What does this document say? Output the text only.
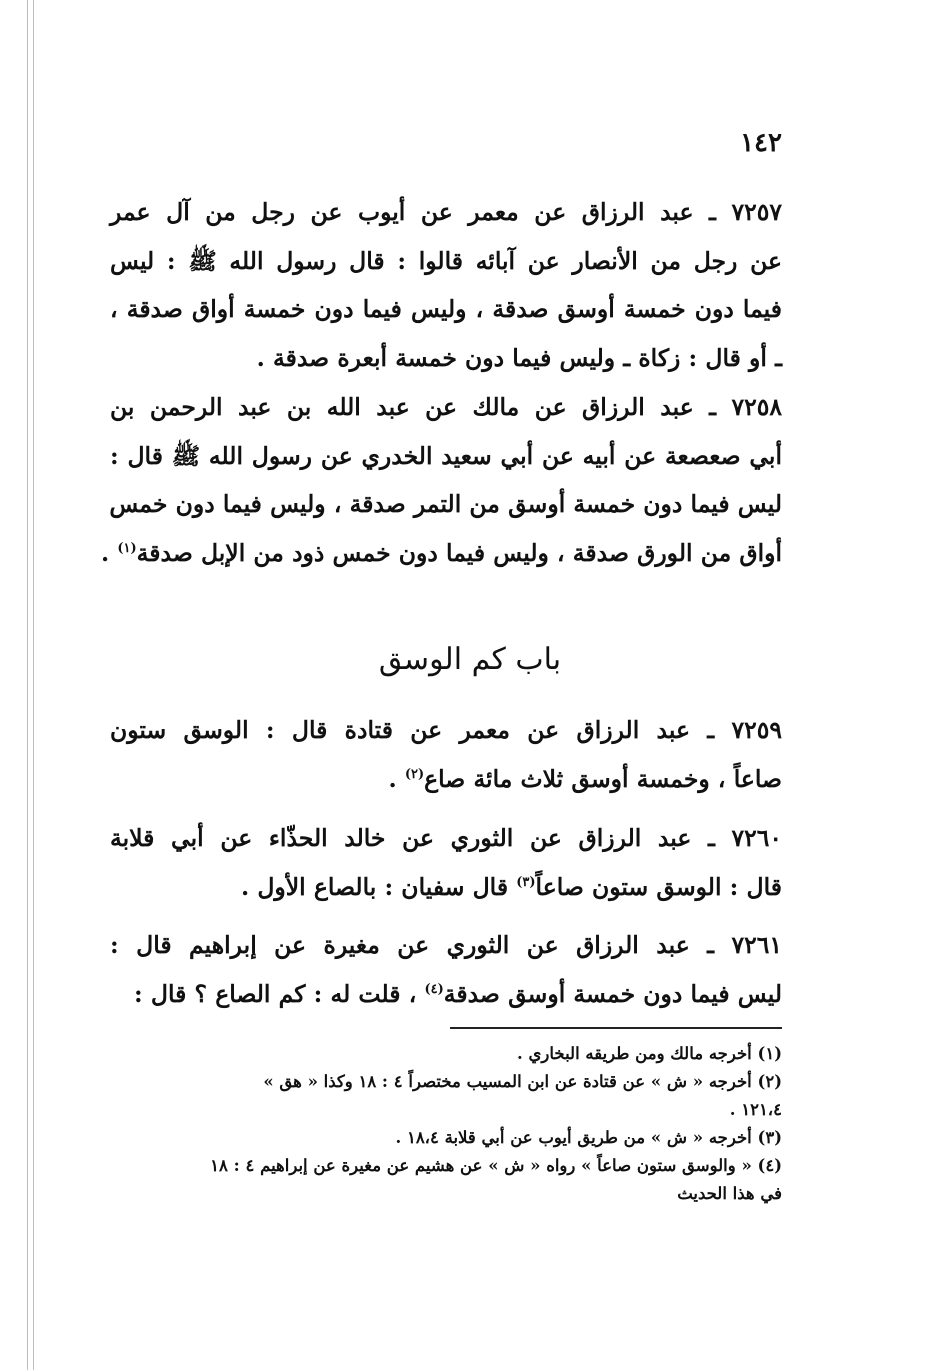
١٤٢
٧٢٥٧ ـ عبد الرزاق عن معمر عن أيوب عن رجل من آل عمر
عن رجل من الأنصار عن آبائه قالوا : قال رسول الله ﷺ : ليس
فيما دون خمسة أوسق صدقة ، وليس فيما دون خمسة أواق صدقة ،
ـ أو قال : زكاة ـ وليس فيما دون خمسة أبعرة صدقة .
٧٢٥٨ ـ عبد الرزاق عن مالك عن عبد الله بن عبد الرحمن بن
أبي صعصعة عن أبيه عن أبي سعيد الخدري عن رسول الله ﷺ قال :
ليس فيما دون خمسة أوسق من التمر صدقة ، وليس فيما دون خمس
أواق من الورق صدقة ، وليس فيما دون خمس ذود من الإبل صدقة$^{(١)}$ .
باب كم الوسق
٧٢٥٩ ـ عبد الرزاق عن معمر عن قتادة قال : الوسق ستون
صاعاً ، وخمسة أوسق ثلاث مائة صاع$^{(٢)}$ .
٧٢٦٠ ـ عبد الرزاق عن الثوري عن خالد الحذّاء عن أبي قلابة
قال : الوسق ستون صاعاً$^{(٣)}$ قال سفيان : بالصاع الأول .
٧٢٦١ ـ عبد الرزاق عن الثوري عن مغيرة عن إبراهيم قال :
ليس فيما دون خمسة أوسق صدقة$^{(٤)}$ ، قلت له : كم الصاع ؟ قال :
(١) أخرجه مالك ومن طريقه البخاري .
(٢) أخرجه « ش » عن قتادة عن ابن المسيب مختصراً ٤ : ١٨ وكذا « هق »
١٢١،٤ .
(٣) أخرجه « ش » من طريق أيوب عن أبي قلابة ١٨،٤ .
(٤) « والوسق ستون صاعاً » رواه « ش » عن هشيم عن مغيرة عن إبراهيم ٤ : ١٨
في هذا الحديث
